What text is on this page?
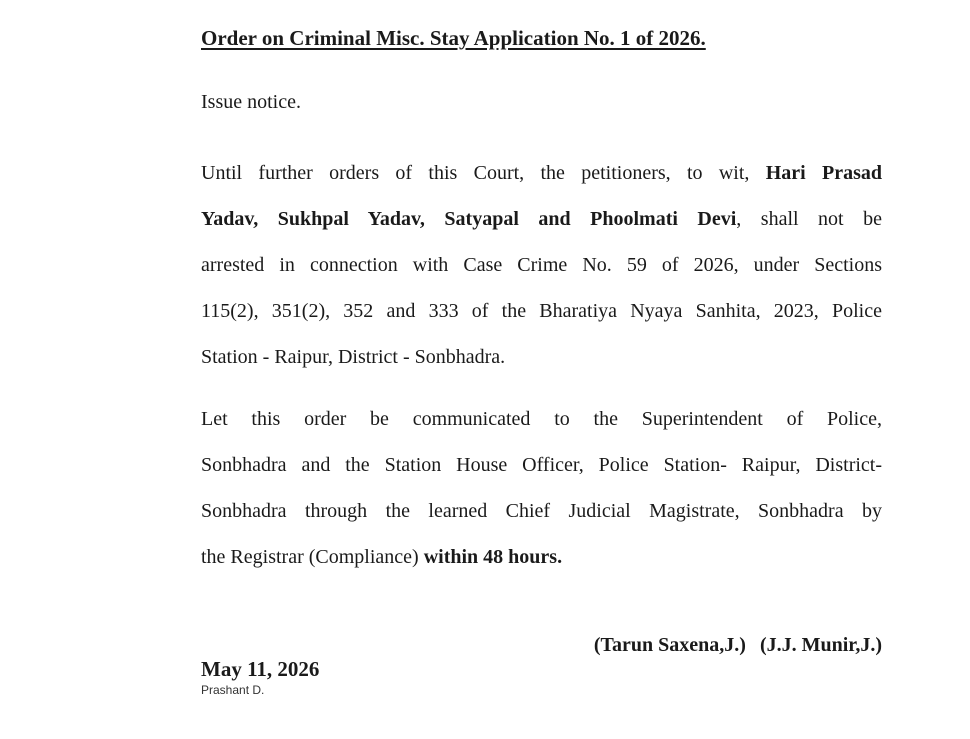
Order on Criminal Misc. Stay Application No. 1 of 2026.
Issue notice.
Until further orders of this Court, the petitioners, to wit, Hari Prasad
Yadav, Sukhpal Yadav, Satyapal and Phoolmati Devi, shall not be
arrested in connection with Case Crime No. 59 of 2026, under Sections
115(2), 351(2), 352 and 333 of the Bharatiya Nyaya Sanhita, 2023, Police
Station - Raipur, District - Sonbhadra.
Let this order be communicated to the Superintendent of Police,
Sonbhadra and the Station House Officer, Police Station- Raipur, District-
Sonbhadra through the learned Chief Judicial Magistrate, Sonbhadra by
the Registrar (Compliance) within 48 hours.
(Tarun Saxena,J.) (J.J. Munir,J.)
May 11, 2026
Prashant D.
